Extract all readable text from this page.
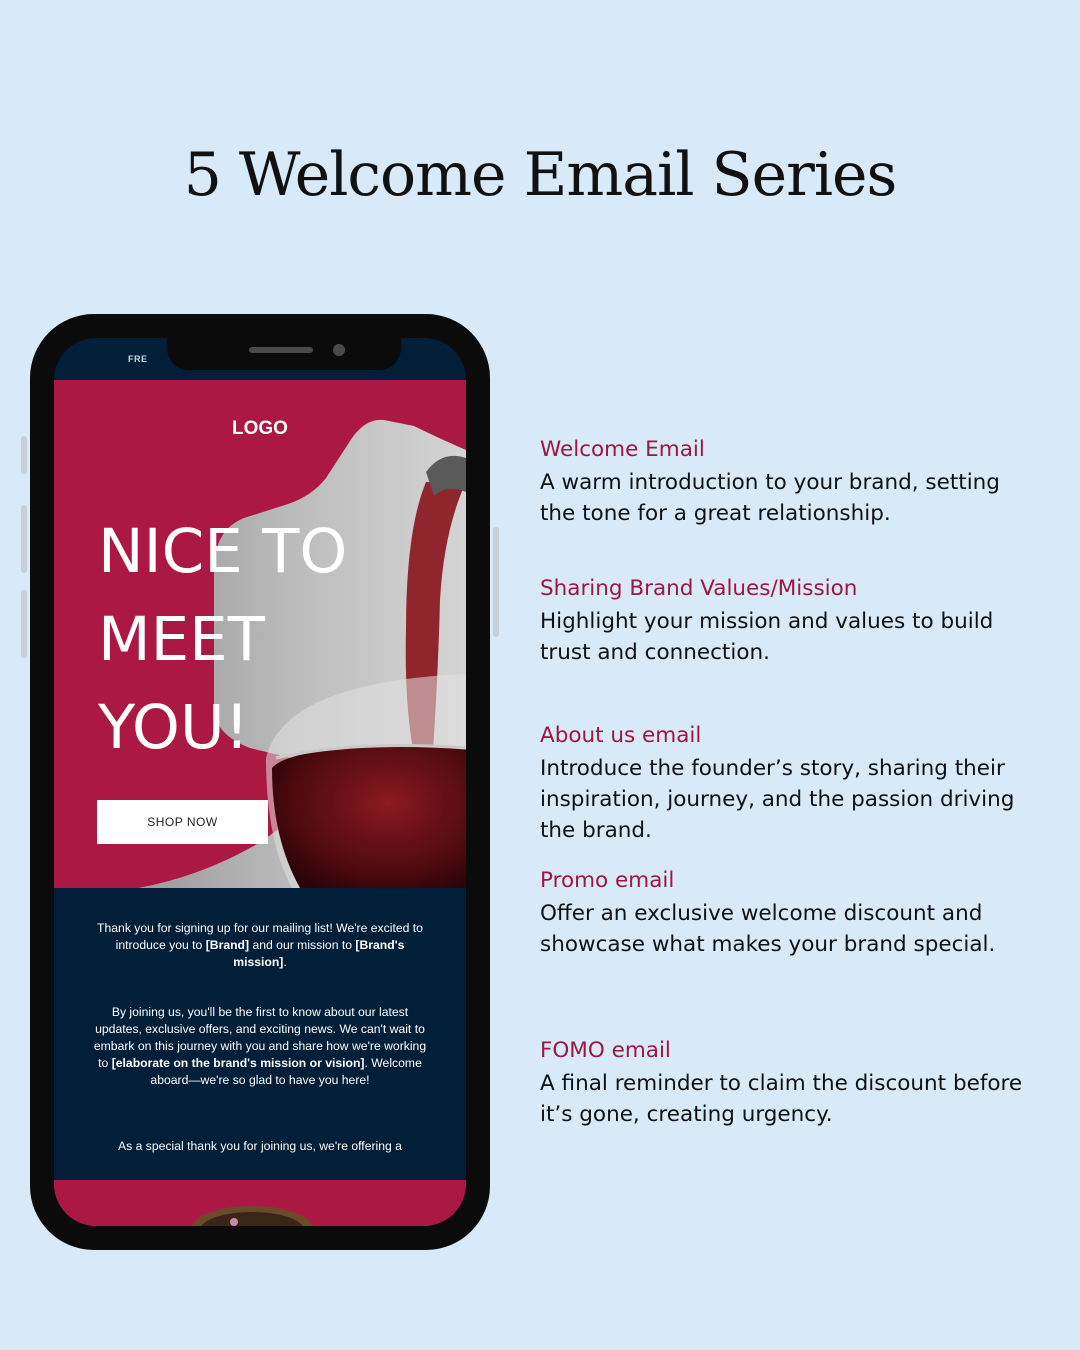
5 Welcome Email Series
FRE
LOGO
NICE TO
MEET
YOU!
SHOP NOW

Thank you for signing up for our mailing list! We're excited to introduce you to [Brand] and our mission to [Brand's mission].

By joining us, you'll be the first to know about our latest updates, exclusive offers, and exciting news. We can't wait to embark on this journey with you and share how we're working to [elaborate on the brand's mission or vision]. Welcome aboard—we're so glad to have you here!

As a special thank you for joining us, we're offering a

Welcome Email

A warm introduction to your brand, setting the tone for a great relationship.

Sharing Brand Values/Mission

Highlight your mission and values to build trust and connection.

About us email

Introduce the founder’s story, sharing their inspiration, journey, and the passion driving the brand.

Promo email

Offer an exclusive welcome discount and showcase what makes your brand special.

FOMO email

A final reminder to claim the discount before it’s gone, creating urgency.
